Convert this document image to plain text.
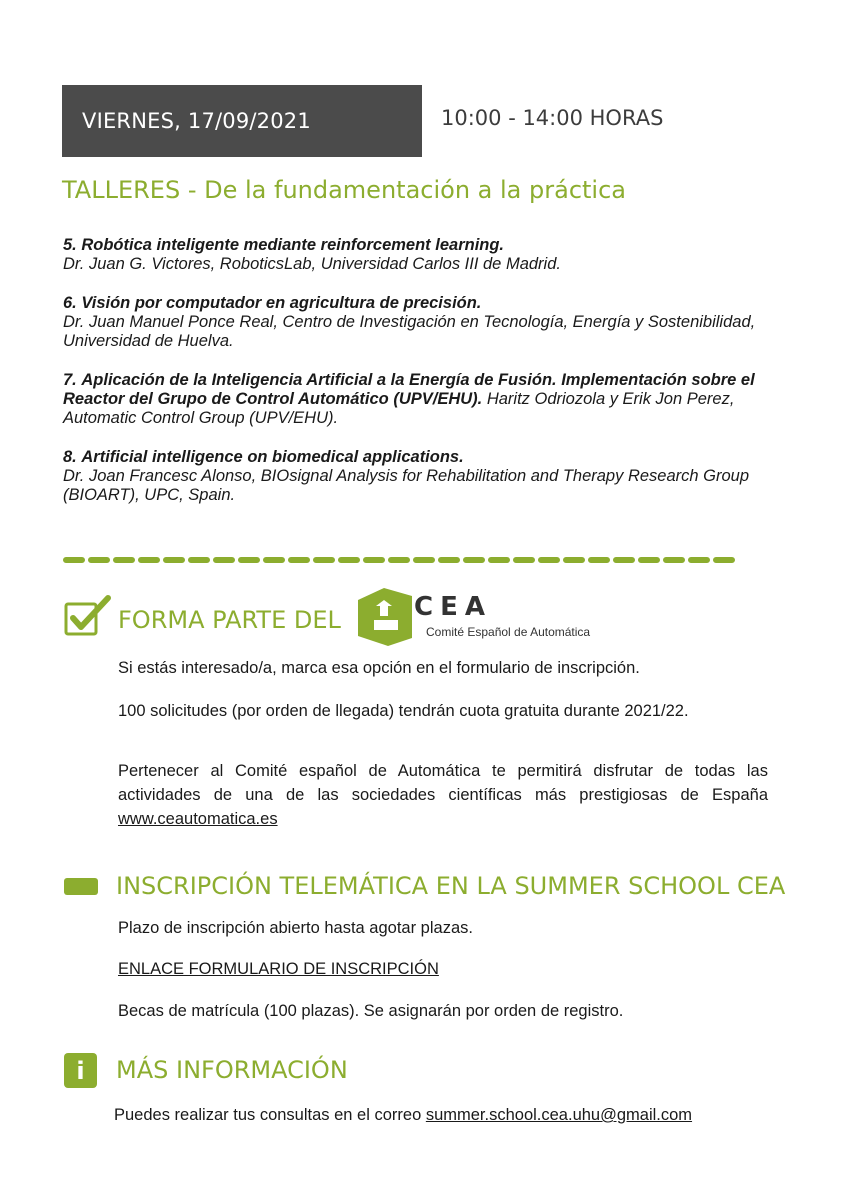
VIERNES, 17/09/2021	10:00 - 14:00 HORAS
TALLERES - De la fundamentación a la práctica
5. Robótica inteligente mediante reinforcement learning.
Dr. Juan G. Victores, RoboticsLab, Universidad Carlos III de Madrid.
6. Visión por computador en agricultura de precisión.
Dr. Juan Manuel Ponce Real, Centro de Investigación en Tecnología, Energía y Sostenibilidad, Universidad de Huelva.
7. Aplicación de la Inteligencia Artificial a la Energía de Fusión. Implementación sobre el Reactor del Grupo de Control Automático (UPV/EHU). Haritz Odriozola y Erik Jon Perez, Automatic Control Group (UPV/EHU).
8. Artificial intelligence on biomedical applications.
Dr. Joan Francesc Alonso, BIOsignal Analysis for Rehabilitation and Therapy Research Group (BIOART), UPC, Spain.
FORMA PARTE DEL	CEA
Comité Español de Automática
Si estás interesado/a, marca esa opción en el formulario de inscripción.
100 solicitudes (por orden de llegada) tendrán cuota gratuita durante 2021/22.
Pertenecer al Comité español de Automática te permitirá disfrutar de todas las actividades de una de las sociedades científicas más prestigiosas de España www.ceautomatica.es
INSCRIPCIÓN TELEMÁTICA EN LA SUMMER SCHOOL CEA
Plazo de inscripción abierto hasta agotar plazas.
ENLACE FORMULARIO DE INSCRIPCIÓN
Becas de matrícula (100 plazas). Se asignarán por orden de registro.
i	MÁS INFORMACIÓN
Puedes realizar tus consultas en el correo summer.school.cea.uhu@gmail.com
